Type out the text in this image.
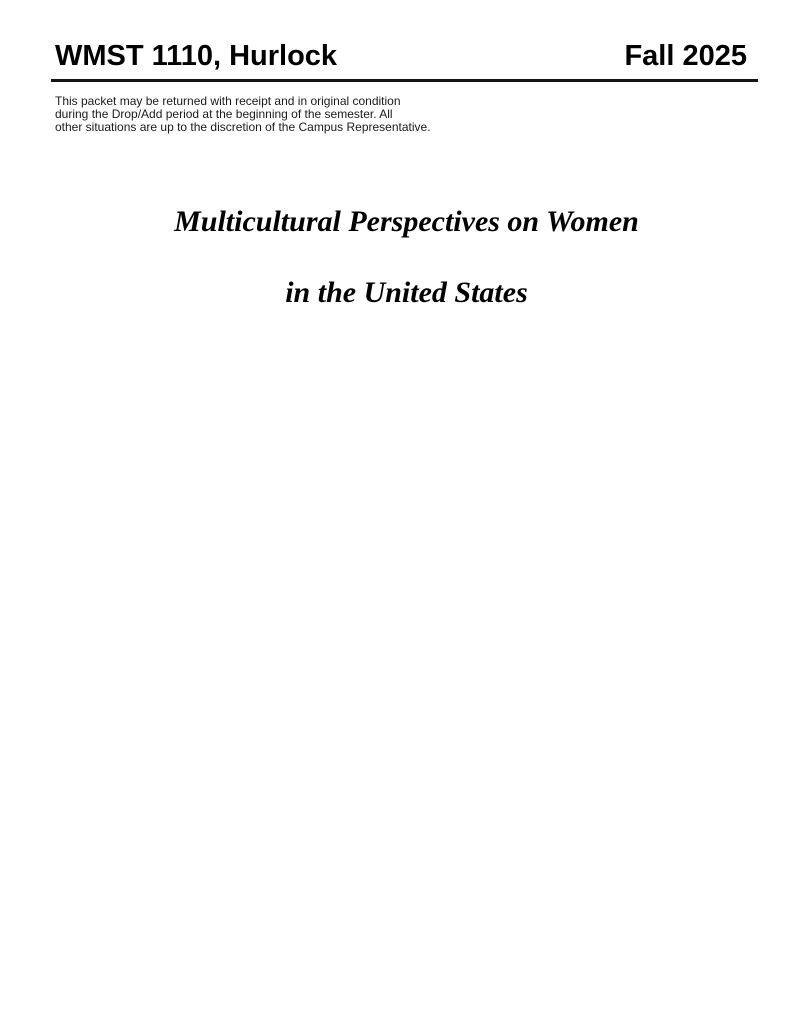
WMST 1110, Hurlock	Fall 2025
This packet may be returned with receipt and in original condition
during the Drop/Add period at the beginning of the semester. All
other situations are up to the discretion of the Campus Representative.
Multicultural Perspectives on Women
in the United States
